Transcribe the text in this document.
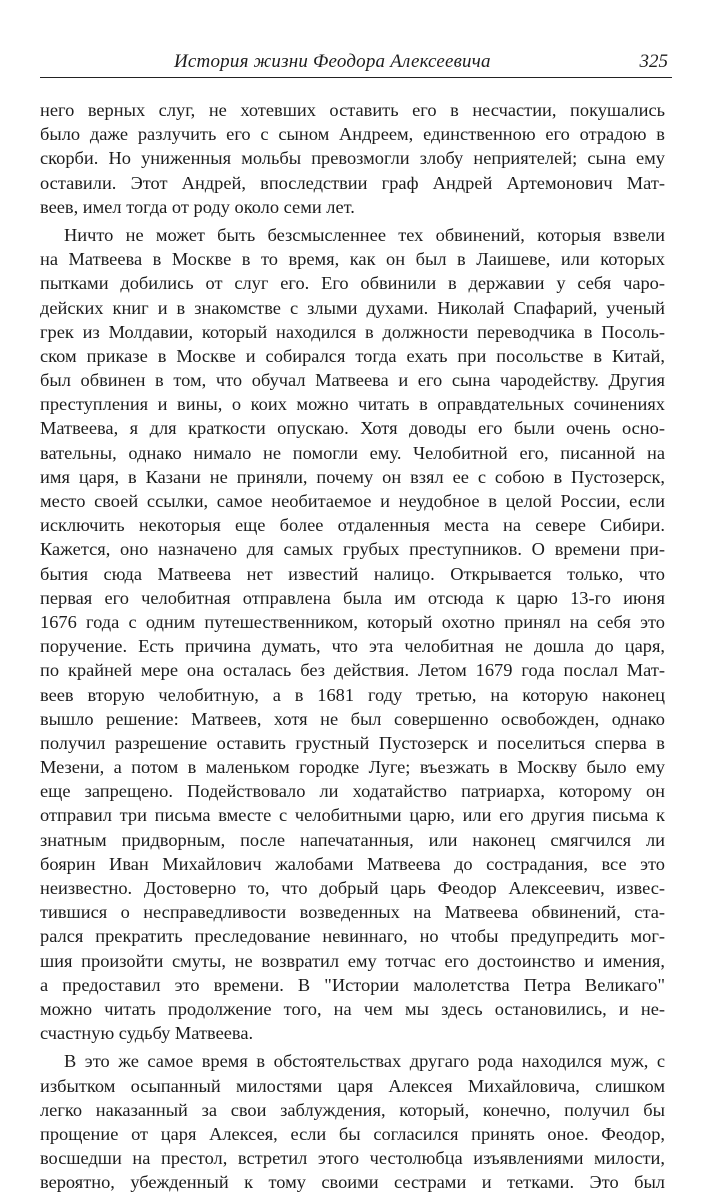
История жизни Феодора Алексеевича	325
него верных слуг, не хотевших оставить его в несчастии, покушались
было даже разлучить его с сыном Андреем, единственною его отрадою в
скорби. Но униженныя мольбы превозмогли злобу неприятелей; сына ему
оставили. Этот Андрей, впоследствии граф Андрей Артемонович Мат-
веев, имел тогда от роду около семи лет.
Ничто не может быть безсмысленнее тех обвинений, которыя взвели
на Матвеева в Москве в то время, как он был в Лаишеве, или которых
пытками добились от слуг его. Его обвинили в державии у себя чаро-
дейских книг и в знакомстве с злыми духами. Николай Спафарий, ученый
грек из Молдавии, который находился в должности переводчика в Посоль-
ском приказе в Москве и собирался тогда ехать при посольстве в Китай,
был обвинен в том, что обучал Матвеева и его сына чародейству. Другия
преступления и вины, о коих можно читать в оправдательных сочинениях
Матвеева, я для краткости опускаю. Хотя доводы его были очень осно-
вательны, однако нимало не помогли ему. Челобитной его, писанной на
имя царя, в Казани не приняли, почему он взял ее с собою в Пустозерск,
место своей ссылки, самое необитаемое и неудобное в целой России, если
исключить некоторыя еще более отдаленныя места на севере Сибири.
Кажется, оно назначено для самых грубых преступников. О времени при-
бытия сюда Матвеева нет известий налицо. Открывается только, что
первая его челобитная отправлена была им отсюда к царю 13-го июня
1676 года с одним путешественником, который охотно принял на себя это
поручение. Есть причина думать, что эта челобитная не дошла до царя,
по крайней мере она осталась без действия. Летом 1679 года послал Мат-
веев вторую челобитную, а в 1681 году третью, на которую наконец
вышло решение: Матвеев, хотя не был совершенно освобожден, однако
получил разрешение оставить грустный Пустозерск и поселиться сперва в
Мезени, а потом в маленьком городке Луге; въезжать в Москву было ему
еще запрещено. Подействовало ли ходатайство патриарха, которому он
отправил три письма вместе с челобитными царю, или его другия письма к
знатным придворным, после напечатанныя, или наконец смягчился ли
боярин Иван Михайлович жалобами Матвеева до сострадания, все это
неизвестно. Достоверно то, что добрый царь Феодор Алексеевич, извес-
тившися о несправедливости возведенных на Матвеева обвинений, ста-
рался прекратить преследование невиннаго, но чтобы предупредить мог-
шия произойти смуты, не возвратил ему тотчас его достоинство и имения,
а предоставил это времени. В "Истории малолетства Петра Великаго"
можно читать продолжение того, на чем мы здесь остановились, и не-
счастную судьбу Матвеева.
В это же самое время в обстоятельствах другаго рода находился муж, с
избытком осыпанный милостями царя Алексея Михайловича, слишком
легко наказанный за свои заблуждения, который, конечно, получил бы
прощение от царя Алексея, если бы согласился принять оное. Феодор,
восшедши на престол, встретил этого честолюбца изъявлениями милости,
вероятно, убежденный к тому своими сестрами и тетками. Это был
